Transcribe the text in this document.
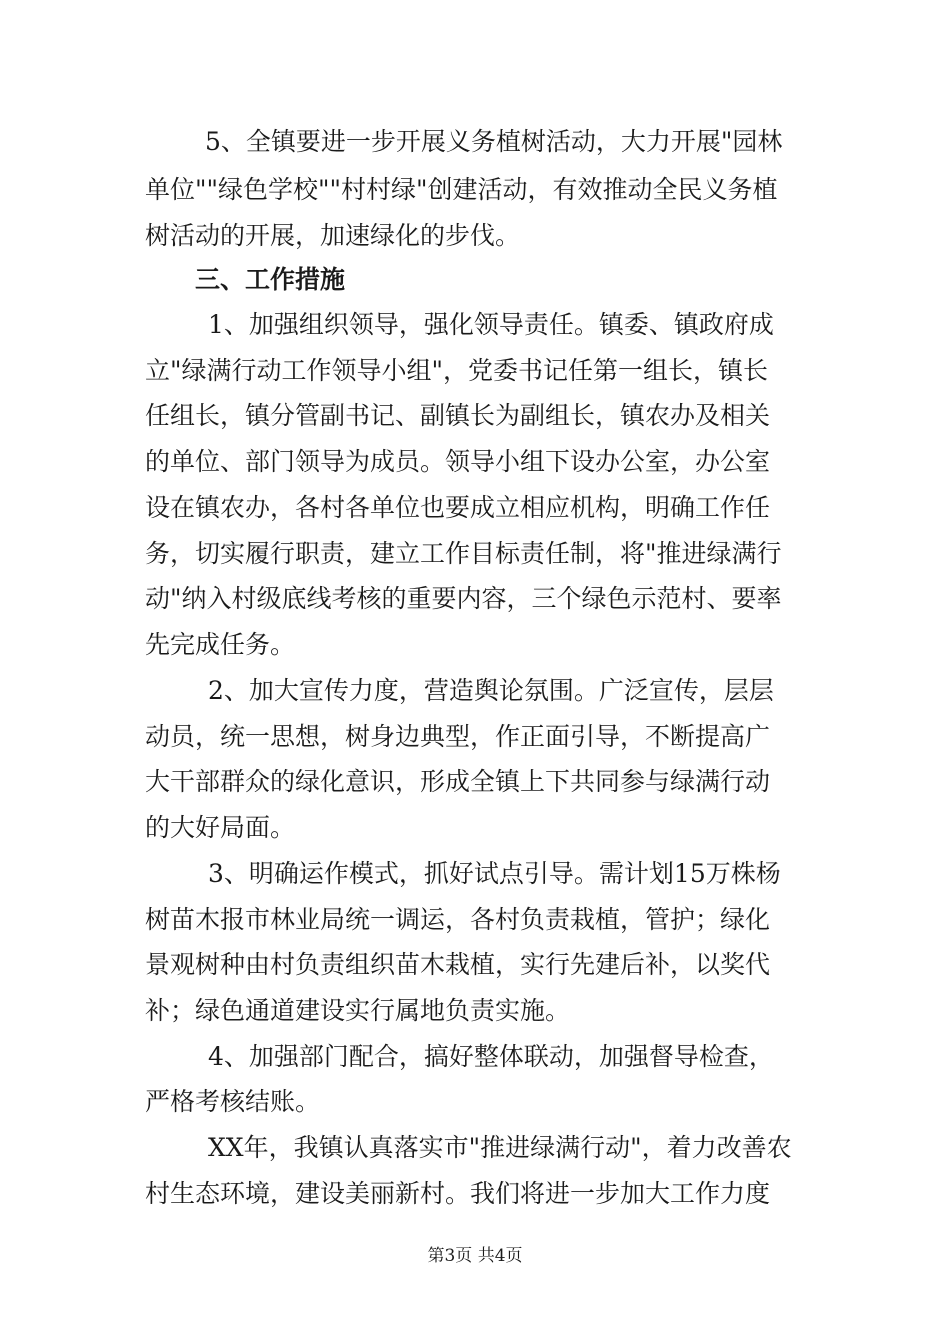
5、全镇要进一步开展义务植树活动，大力开展"园林
单位""绿色学校""村村绿"创建活动，有效推动全民义务植
树活动的开展，加速绿化的步伐。
三、工作措施
1、加强组织领导，强化领导责任。镇委、镇政府成
立"绿满行动工作领导小组"，党委书记任第一组长，镇长
任组长，镇分管副书记、副镇长为副组长，镇农办及相关
的单位、部门领导为成员。领导小组下设办公室，办公室
设在镇农办，各村各单位也要成立相应机构，明确工作任
务，切实履行职责，建立工作目标责任制，将"推进绿满行
动"纳入村级底线考核的重要内容，三个绿色示范村、要率
先完成任务。
2、加大宣传力度，营造舆论氛围。广泛宣传，层层
动员，统一思想，树身边典型，作正面引导，不断提高广
大干部群众的绿化意识，形成全镇上下共同参与绿满行动
的大好局面。
3、明确运作模式，抓好试点引导。需计划15万株杨
树苗木报市林业局统一调运，各村负责栽植，管护；绿化
景观树种由村负责组织苗木栽植，实行先建后补，以奖代
补；绿色通道建设实行属地负责实施。
4、加强部门配合，搞好整体联动，加强督导检查，
严格考核结账。
XX年，我镇认真落实市"推进绿满行动"，着力改善农
村生态环境，建设美丽新村。我们将进一步加大工作力度
第3页 共4页
